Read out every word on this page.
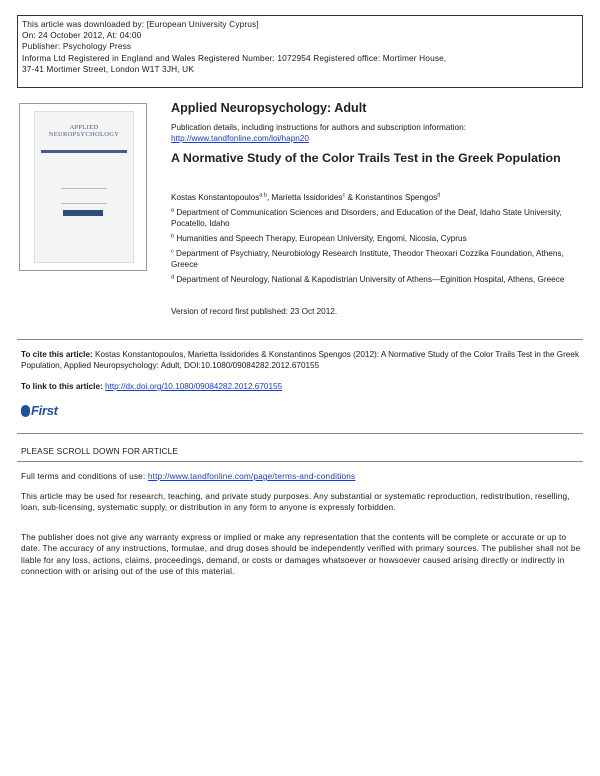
This article was downloaded by: [European University Cyprus]
On: 24 October 2012, At: 04:00
Publisher: Psychology Press
Informa Ltd Registered in England and Wales Registered Number: 1072954 Registered office: Mortimer House,
37-41 Mortimer Street, London W1T 3JH, UK
APPLIED
NEUROPSYCHOLOGY
Applied Neuropsychology: Adult
Publication details, including instructions for authors and subscription information:
http://www.tandfonline.com/loi/hapn20
A Normative Study of the Color Trails Test in the Greek Population
Kostas Konstantopoulos$^{a b}$, Marietta Issidorides$^c$ & Konstantinos Spengos$^d$
$^a$ Department of Communication Sciences and Disorders, and Education of the Deaf, Idaho State University, Pocatello, Idaho
$^b$ Humanities and Speech Therapy, European University, Engomi, Nicosia, Cyprus
$^c$ Department of Psychiatry, Neurobiology Research Institute, Theodor Theoxari Cozzika Foundation, Athens, Greece
$^d$ Department of Neurology, National & Kapodistrian University of Athens—Eginition Hospital, Athens, Greece
Version of record first published: 23 Oct 2012.
To cite this article: Kostas Konstantopoulos, Marietta Issidorides & Konstantinos Spengos (2012): A Normative Study of the Color Trails Test in the Greek Population, Applied Neuropsychology: Adult, DOI:10.1080/09084282.2012.670155
To link to this article: http://dx.doi.org/10.1080/09084282.2012.670155
First
PLEASE SCROLL DOWN FOR ARTICLE
Full terms and conditions of use: http://www.tandfonline.com/page/terms-and-conditions
This article may be used for research, teaching, and private study purposes. Any substantial or systematic reproduction, redistribution, reselling, loan, sub-licensing, systematic supply, or distribution in any form to anyone is expressly forbidden.
The publisher does not give any warranty express or implied or make any representation that the contents will be complete or accurate or up to date. The accuracy of any instructions, formulae, and drug doses should be independently verified with primary sources. The publisher shall not be liable for any loss, actions, claims, proceedings, demand, or costs or damages whatsoever or howsoever caused arising directly or indirectly in connection with or arising out of the use of this material.
